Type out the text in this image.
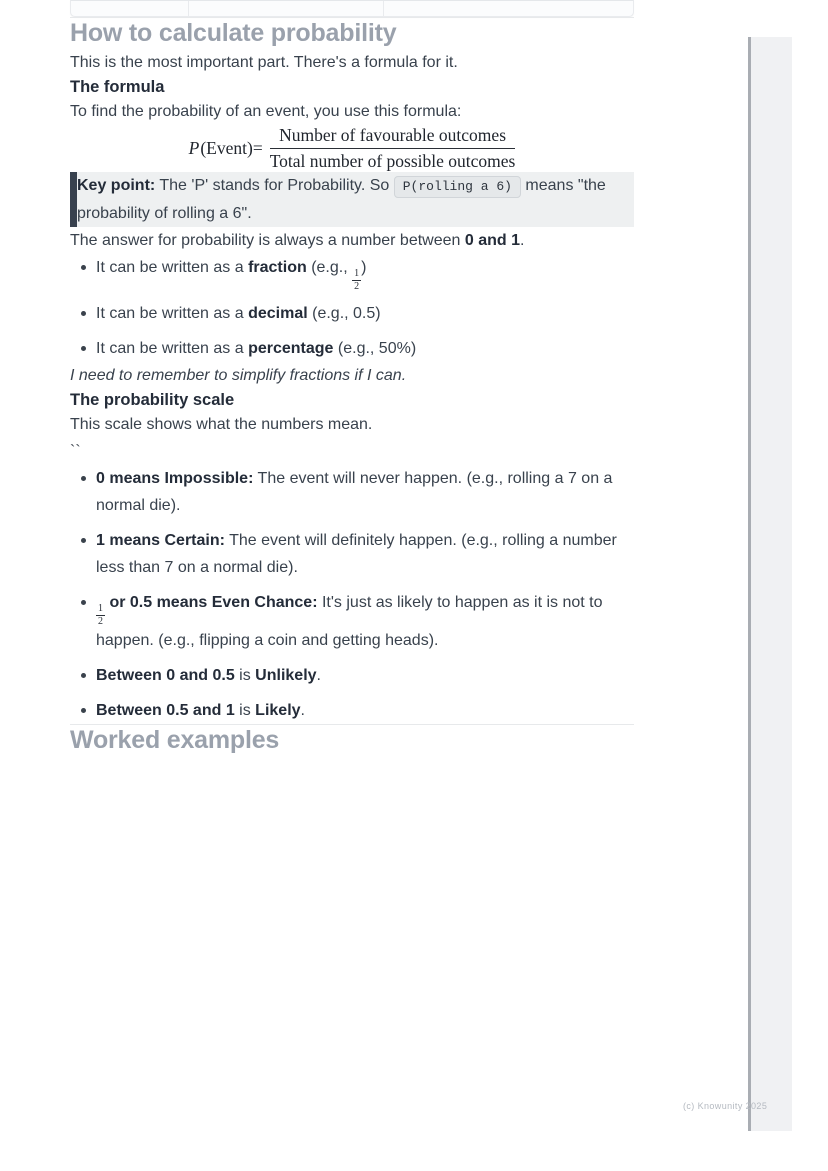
How to calculate probability

This is the most important part. There's a formula for it.

The formula

To find the probability of an event, you use this formula:

P (Event) = $\frac{\text{Number of favourable outcomes}}{\text{Total number of possible outcomes}}$

Key point: The 'P' stands for Probability. So P(rolling a 6) means "the probability of rolling a 6".

The answer for probability is always a number between 0 and 1.

It can be written as a fraction (e.g.,
$\frac{1}{2}$
)
It can be written as a decimal (e.g., 0.5)
It can be written as a percentage (e.g., 50%)

I need to remember to simplify fractions if I can.

The probability scale

This scale shows what the numbers mean.

``

0 means Impossible: The event will never happen. (e.g., rolling a 7 on a normal die).
1 means Certain: The event will definitely happen. (e.g., rolling a number less than 7 on a normal die).
$\frac{1}{2}$
or 0.5 means Even Chance: It's just as likely to happen as it is not to happen. (e.g., flipping a coin and getting heads).
Between 0 and 0.5 is Unlikely.
Between 0.5 and 1 is Likely.
Worked examples
(c) Knowunity 2025
